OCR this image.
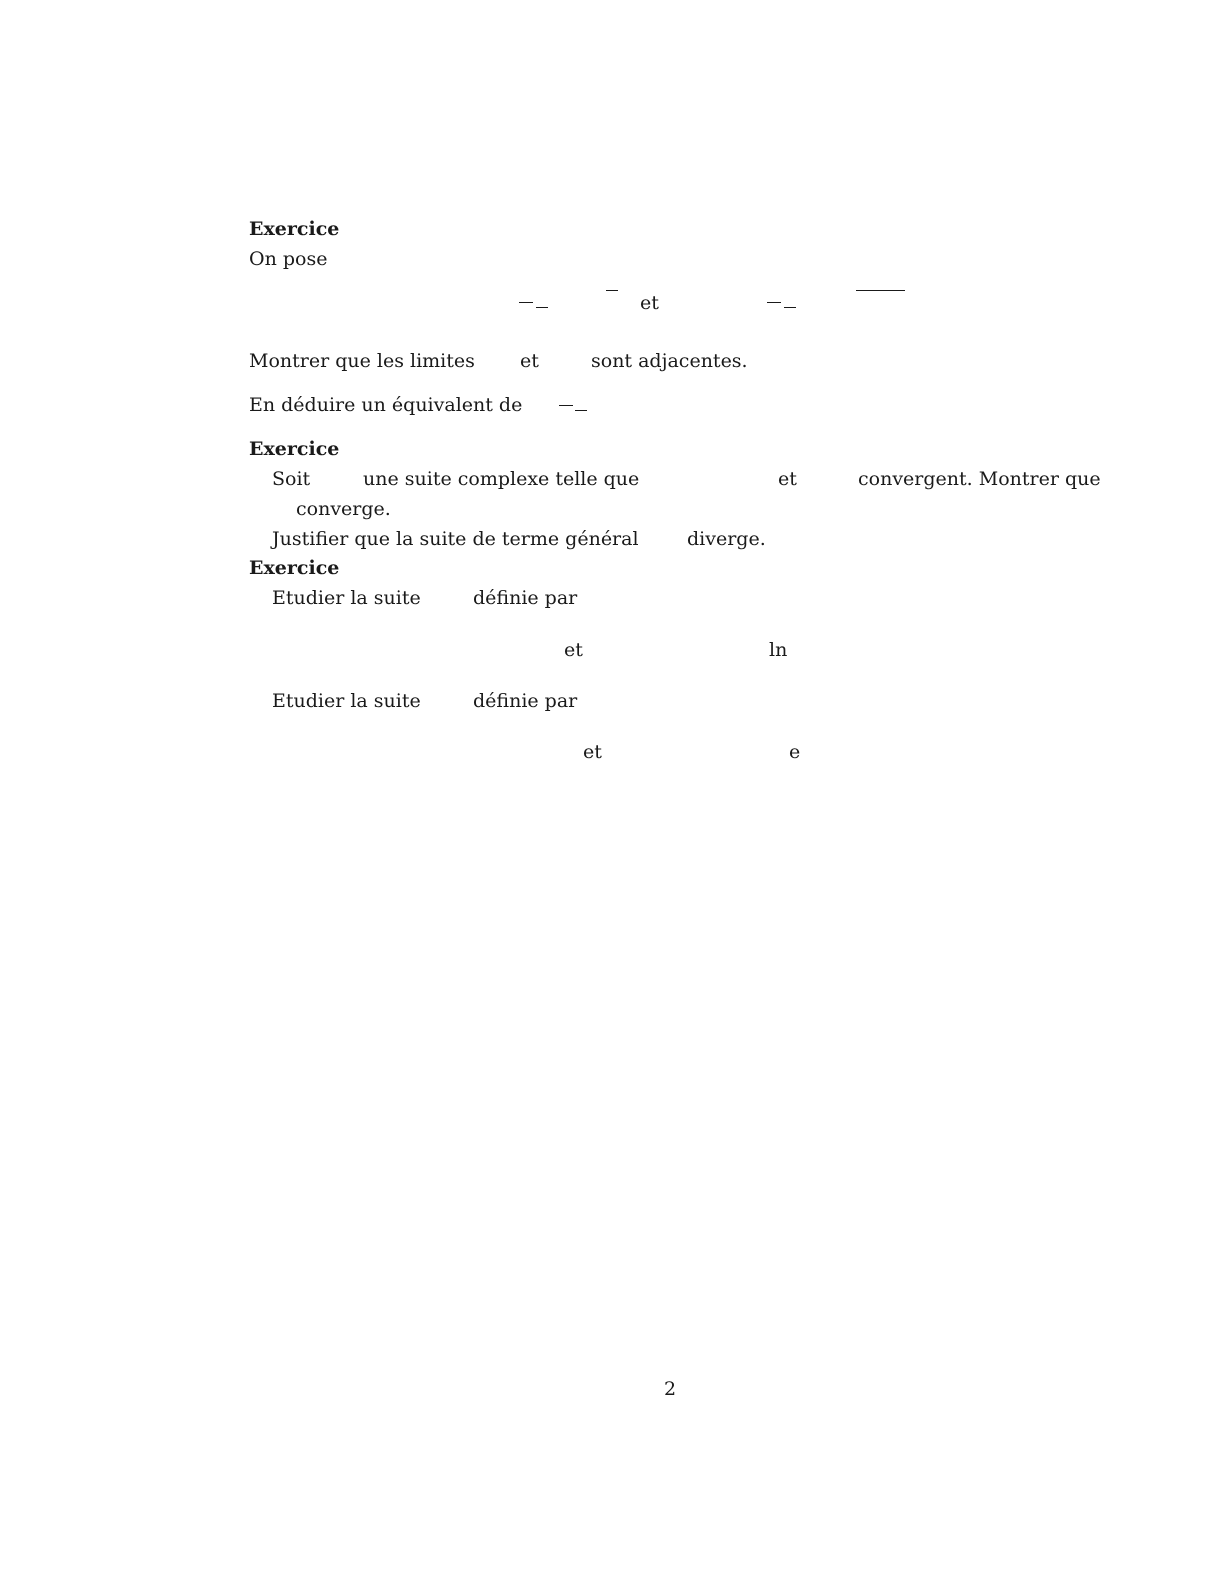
Exercice
On pose
et
Montrer que les limites et	sont adjacentes.
En déduire un équivalent de
Exercice
Soit	une suite complexe telle que	et	convergent. Montrer que
converge.
Justifier que la suite de terme général	diverge.
Exercice
Etudier la suite	définie par
et	ln
Etudier la suite	définie par
et	e
2
